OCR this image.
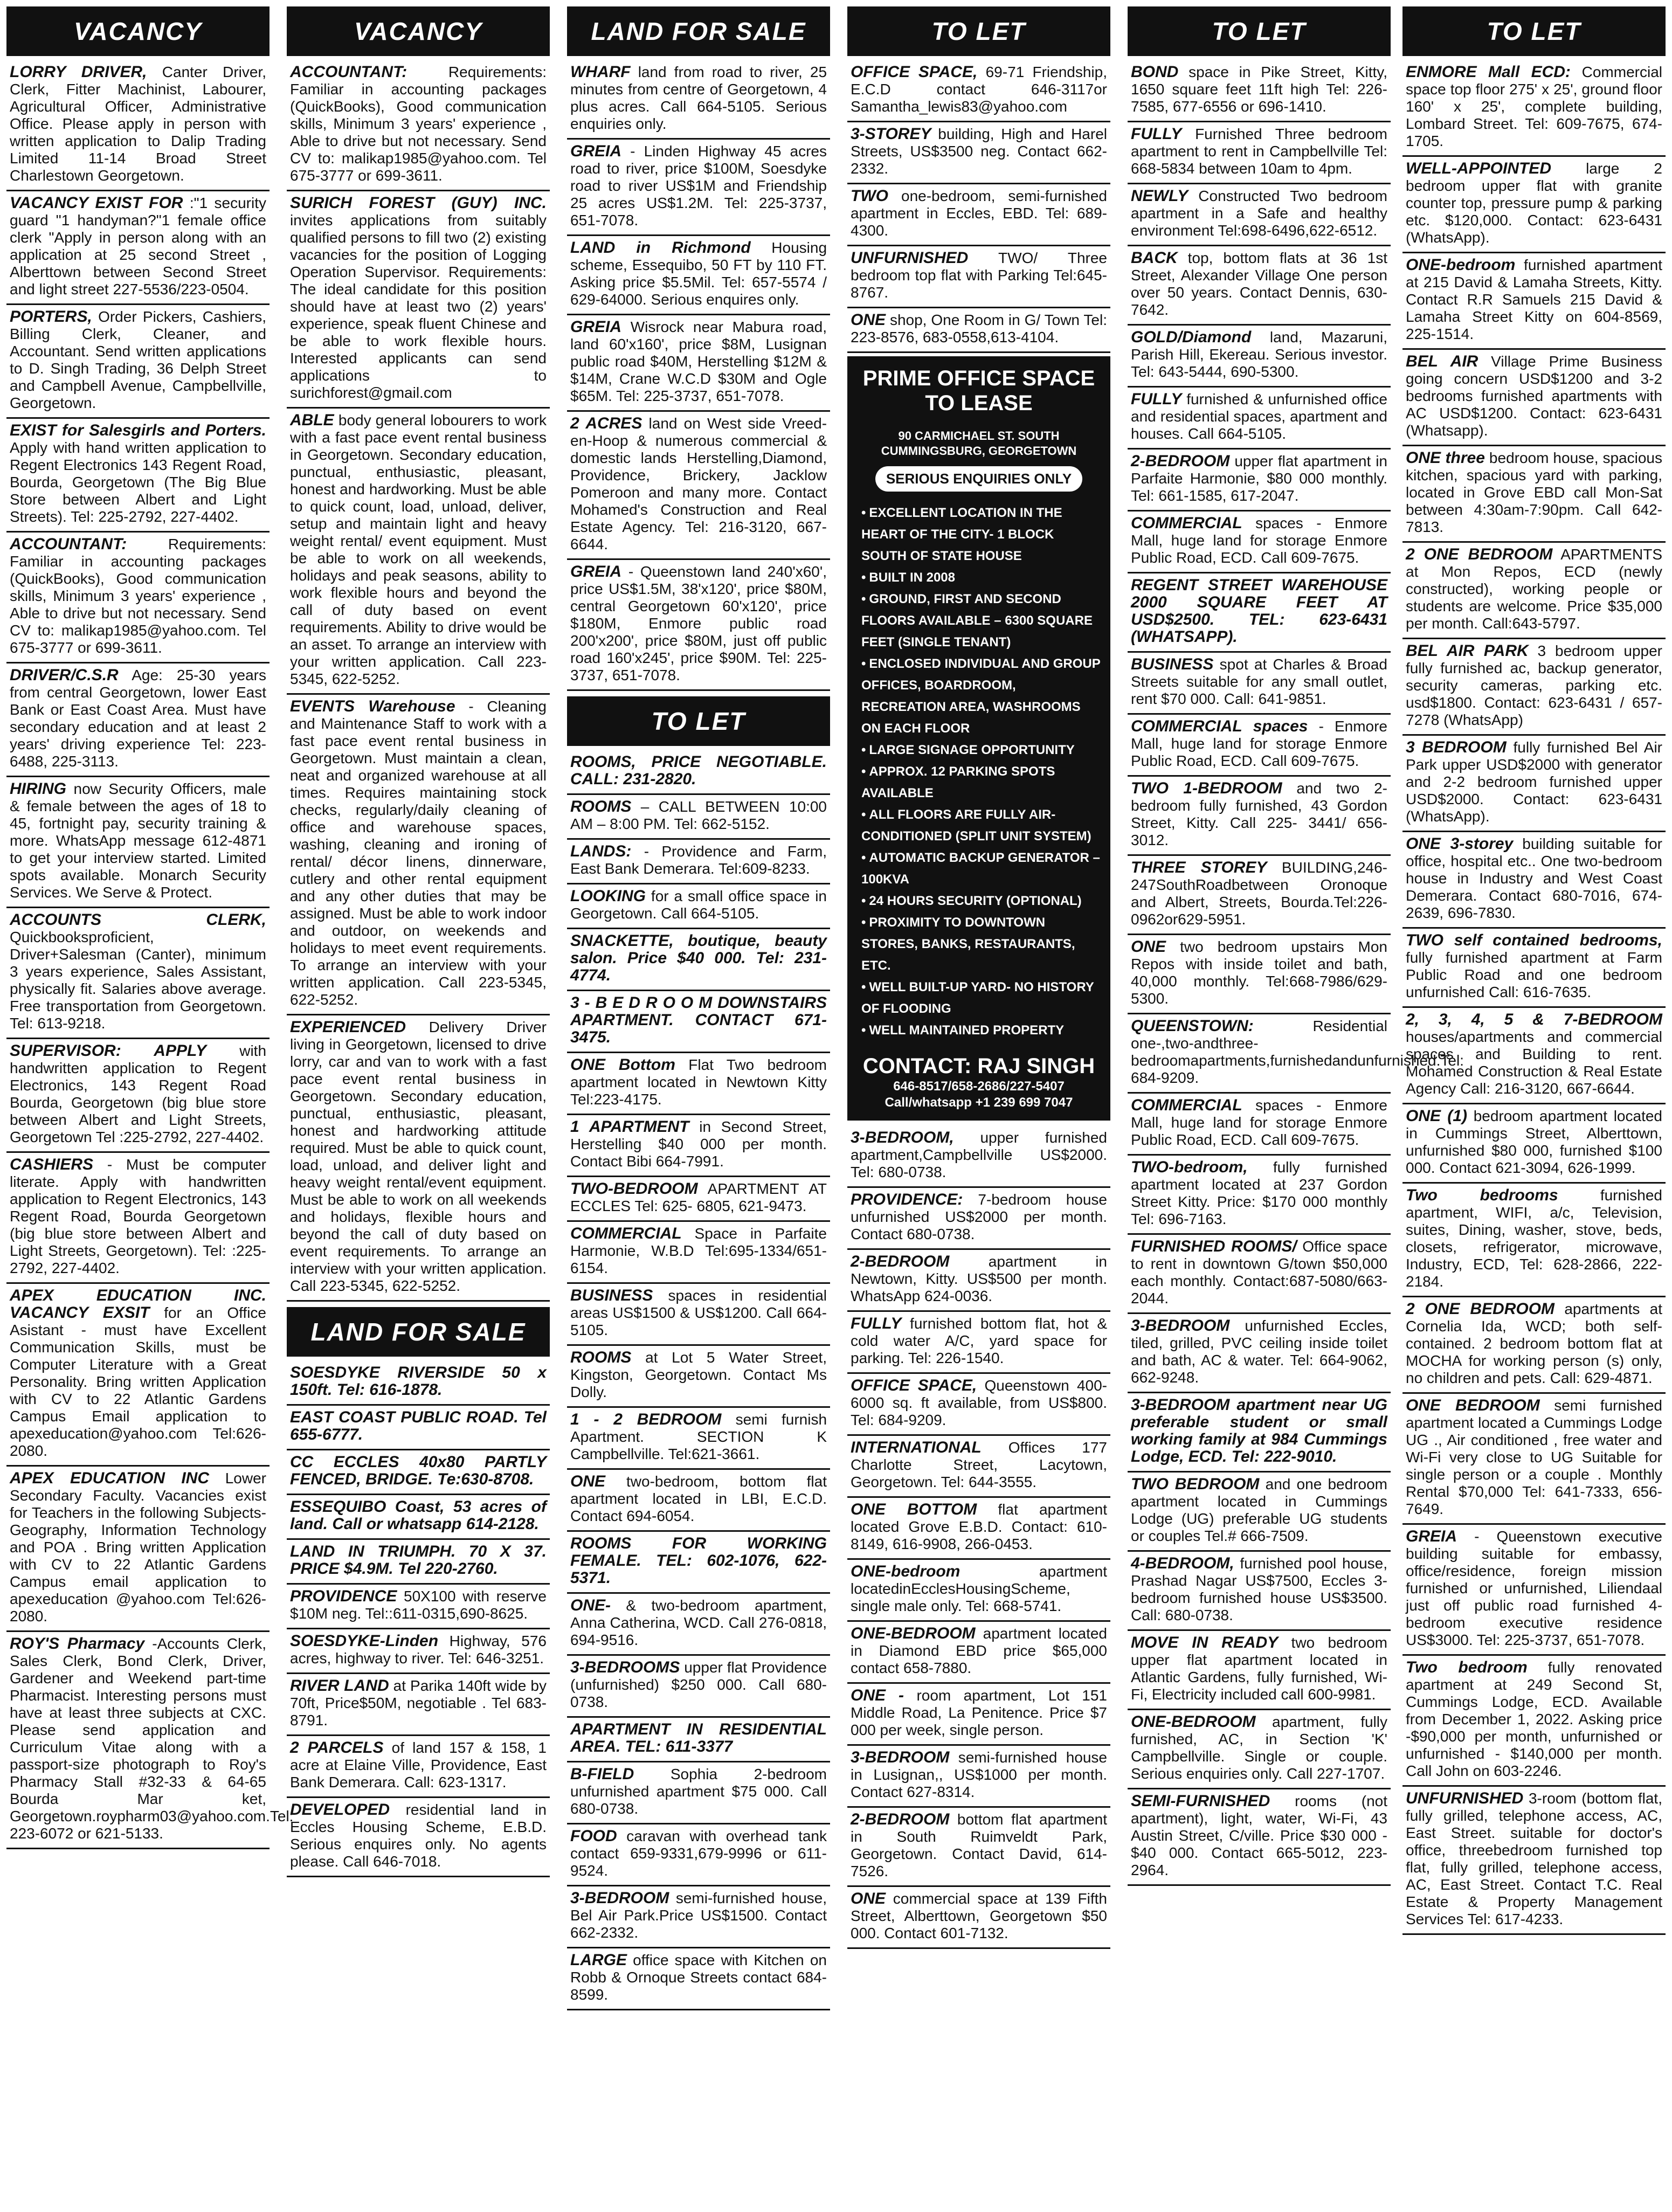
VACANCY
LORRY DRIVER, Canter Driver, Clerk, Fitter Machinist, Labourer, Agricultural Officer, Administrative Office. Please apply in person with written application to Dalip Trading Limited 11-14 Broad Street Charlestown Georgetown.
VACANCY EXIST FOR :"1 security guard "1 handyman?"1 female office clerk "Apply in person along with an application at 25 second Street , Alberttown between Second Street and light street 227-5536/223-0504.
PORTERS, Order Pickers, Cashiers, Billing Clerk, Cleaner, and Accountant. Send written applications to D. Singh Trading, 36 Delph Street and Campbell Avenue, Campbellville, Georgetown.
EXIST for Salesgirls and Porters. Apply with hand written application to Regent Electronics 143 Regent Road, Bourda, Georgetown (The Big Blue Store between Albert and Light Streets). Tel: 225-2792, 227-4402.
ACCOUNTANT:	Requirements: Familiar in accounting packages (QuickBooks), Good communication skills, Minimum 3 years' experience , Able to drive but not necessary. Send CV to: malikap1985@yahoo.com. Tel 675-3777 or 699-3611.
DRIVER/C.S.R Age: 25-30 years from central Georgetown, lower East Bank or East Coast Area. Must have secondary education and at least 2 years' driving experience Tel: 223-6488, 225-3113.
HIRING now Security Officers, male & female between the ages of 18 to 45, fortnight pay, security training & more. WhatsApp message 612-4871 to get your interview started. Limited spots available. Monarch Security Services. We Serve & Protect.
ACCOUNTS CLERK, Quickbooksproficient, Driver+Salesman (Canter), minimum 3 years experience, Sales Assistant, physically fit. Salaries above average. Free transportation from Georgetown. Tel: 613-9218.
SUPERVISOR: APPLY with handwritten application to Regent Electronics, 143 Regent Road Bourda, Georgetown (big blue store between Albert and Light Streets, Georgetown Tel :225-2792, 227-4402.
CASHIERS - Must be computer literate. Apply with handwritten application to Regent Electronics, 143 Regent Road, Bourda Georgetown (big blue store between Albert and Light Streets, Georgetown). Tel: :225-2792, 227-4402.
APEX EDUCATION INC. VACANCY EXSIT for an Office Asistant - must have Excellent Communication Skills, must be Computer Literature with a Great Personality. Bring written Application with CV to 22 Atlantic Gardens Campus Email application to apexeducation@yahoo.com Tel:626-2080.
APEX EDUCATION INC Lower Secondary Faculty. Vacancies exist for Teachers in the following Subjects- Geography, Information Technology and POA . Bring written Application with CV to 22 Atlantic Gardens Campus email application to apexeducation @yahoo.com Tel:626-2080.
ROY'S Pharmacy -Accounts Clerk, Sales Clerk, Bond Clerk, Driver, Gardener and Weekend part-time Pharmacist. Interesting persons must have at least three subjects at CXC. Please send application and Curriculum Vitae along with a passport-size photograph to Roy's Pharmacy Stall #32-33 & 64-65 Bourda Mar ket, Georgetown.roypharm03@yahoo.com.Tel: 223-6072 or 621-5133.
VACANCY
ACCOUNTANT:	Requirements: Familiar in accounting packages (QuickBooks), Good communication skills, Minimum 3 years' experience , Able to drive but not necessary. Send CV to: malikap1985@yahoo.com. Tel 675-3777 or 699-3611.
SURICH FOREST (GUY) INC. invites applications from suitably qualified persons to fill two (2) existing vacancies for the position of Logging Operation Supervisor. Requirements: The ideal candidate for this position should have at least two (2) years' experience, speak fluent Chinese and be able to work flexible hours. Interested applicants can send applications to surichforest@gmail.com
ABLE body general lobourers to work with a fast pace event rental business in Georgetown. Secondary education, punctual, enthusiastic, pleasant, honest and hardworking. Must be able to quick count, load, unload, deliver, setup and maintain light and heavy weight rental/ event equipment. Must be able to work on all weekends, holidays and peak seasons, ability to work flexible hours and beyond the call of duty based on event requirements. Ability to drive would be an asset. To arrange an interview with your written application. Call 223-5345, 622-5252.
EVENTS Warehouse - Cleaning and Maintenance Staff to work with a fast pace event rental business in Georgetown. Must maintain a clean, neat and organized warehouse at all times. Requires maintaining stock checks, regularly/daily cleaning of office and warehouse spaces, washing, cleaning and ironing of rental/ décor linens, dinnerware, cutlery and other rental equipment and any other duties that may be assigned. Must be able to work indoor and outdoor, on weekends and holidays to meet event requirements. To arrange an interview with your written application. Call 223-5345, 622-5252.
EXPERIENCED Delivery Driver living in Georgetown, licensed to drive lorry, car and van to work with a fast pace event rental business in Georgetown. Secondary education, punctual, enthusiastic, pleasant, honest and hardworking attitude required. Must be able to quick count, load, unload, and deliver light and heavy weight rental/event equipment. Must be able to work on all weekends and holidays, flexible hours and beyond the call of duty based on event requirements. To arrange an interview with your written application. Call 223-5345, 622-5252.
LAND FOR SALE
SOESDYKE RIVERSIDE 50 x 150ft. Tel: 616-1878.
EAST COAST PUBLIC ROAD. Tel 655-6777.
CC ECCLES 40x80 PARTLY FENCED, BRIDGE. Te:630-8708.
ESSEQUIBO Coast, 53 acres of land. Call or whatsapp 614-2128.
LAND IN TRIUMPH. 70 X 37. PRICE $4.9M. Tel 220-2760.
PROVIDENCE 50X100 with reserve $10M neg. Tel::611-0315,690-8625.
SOESDYKE-Linden Highway, 576 acres, highway to river. Tel: 646-3251.
RIVER LAND at Parika 140ft wide by 70ft, Price$50M, negotiable . Tel 683-8791.
2 PARCELS of land 157 & 158, 1 acre at Elaine Ville, Providence, East Bank Demerara. Call: 623-1317.
DEVELOPED residential land in Eccles Housing Scheme, E.B.D. Serious enquires only. No agents please. Call 646-7018.
LAND FOR SALE
WHARF land from road to river, 25 minutes from centre of Georgetown, 4 plus acres. Call 664-5105. Serious enquiries only.
GREIA - Linden Highway 45 acres road to river, price $100M, Soesdyke road to river US$1M and Friendship 25 acres US$1.2M. Tel: 225-3737, 651-7078.
LAND in Richmond Housing scheme, Essequibo, 50 FT by 110 FT. Asking price $5.5Mil. Tel: 657-5574 / 629-64000. Serious enquires only.
GREIA Wisrock near Mabura road, land 60'x160', price $8M, Lusignan public road $40M, Herstelling $12M & $14M, Crane W.C.D $30M and Ogle $65M. Tel: 225-3737, 651-7078.
2 ACRES land on West side Vreed-en-Hoop & numerous commercial & domestic lands Herstelling,Diamond, Providence, Brickery, Jacklow Pomeroon and many more. Contact Mohamed's Construction and Real Estate Agency. Tel: 216-3120, 667-6644.
GREIA - Queenstown land 240'x60', price US$1.5M, 38'x120', price $80M, central Georgetown 60'x120', price $180M, Enmore public road 200'x200', price $80M, just off public road 160'x245', price $90M. Tel: 225-3737, 651-7078.
TO LET
ROOMS, PRICE NEGOTIABLE. CALL: 231-2820.
ROOMS – CALL BETWEEN 10:00 AM – 8:00 PM. Tel: 662-5152.
LANDS: - Providence and Farm, East Bank Demerara. Tel:609-8233.
LOOKING for a small office space in Georgetown. Call 664-5105.
SNACKETTE, boutique, beauty salon. Price $40 000. Tel: 231-4774.
3 - B E D R O O M DOWNSTAIRS APARTMENT. CONTACT 671-3475.
ONE Bottom Flat Two bedroom apartment located in Newtown Kitty Tel:223-4175.
1 APARTMENT in Second Street, Herstelling $40 000 per month. Contact Bibi 664-7991.
TWO-BEDROOM APARTMENT AT ECCLES Tel: 625- 6805, 621-9473.
COMMERCIAL Space in Parfaite Harmonie, W.B.D Tel:695-1334/651-6154.
BUSINESS spaces in residential areas US$1500 & US$1200. Call 664-5105.
ROOMS at Lot 5 Water Street, Kingston, Georgetown. Contact Ms Dolly.
1 - 2 BEDROOM semi furnish Apartment. SECTION K Campbellville. Tel:621-3661.
ONE two-bedroom, bottom flat apartment located in LBI, E.C.D. Contact 694-6054.
ROOMS FOR WORKING FEMALE. TEL: 602-1076, 622-5371.
ONE- & two-bedroom apartment, Anna Catherina, WCD. Call 276-0818, 694-9516.
3-BEDROOMS upper flat Providence (unfurnished) $250 000. Call 680-0738.
APARTMENT IN RESIDENTIAL AREA. TEL: 611-3377
B-FIELD Sophia 2-bedroom unfurnished apartment $75 000. Call 680-0738.
FOOD caravan with overhead tank contact 659-9331,679-9996 or 611-9524.
3-BEDROOM semi-furnished house, Bel Air Park.Price US$1500. Contact 662-2332.
LARGE office space with Kitchen on Robb & Ornoque Streets contact 684-8599.
TO LET
OFFICE SPACE, 69-71 Friendship, E.C.D contact 646-3117or Samantha_lewis83@yahoo.com
3-STOREY building, High and Harel Streets, US$3500 neg. Contact 662-2332.
TWO one-bedroom, semi-furnished apartment in Eccles, EBD. Tel: 689-4300.
UNFURNISHED TWO/ Three bedroom top flat with Parking Tel:645-8767.
ONE shop, One Room in G/ Town Tel: 223-8576, 683-0558,613-4104.
PRIME OFFICE SPACE TO LEASE
90 CARMICHAEL ST. SOUTH CUMMINGSBURG, GEORGETOWN
SERIOUS ENQUIRIES ONLY
• EXCELLENT LOCATION IN THE HEART OF THE CITY- 1 BLOCK SOUTH OF STATE HOUSE
• BUILT IN 2008
• GROUND, FIRST AND SECOND FLOORS AVAILABLE – 6300 SQUARE FEET (SINGLE TENANT)
• ENCLOSED INDIVIDUAL AND GROUP OFFICES, BOARDROOM, RECREATION AREA, WASHROOMS ON EACH FLOOR
• LARGE SIGNAGE OPPORTUNITY
• APPROX. 12 PARKING SPOTS AVAILABLE
• ALL FLOORS ARE FULLY AIR-CONDITIONED (SPLIT UNIT SYSTEM)
• AUTOMATIC BACKUP GENERATOR – 100KVA
• 24 HOURS SECURITY (OPTIONAL)
• PROXIMITY TO DOWNTOWN STORES, BANKS, RESTAURANTS, ETC.
• WELL BUILT-UP YARD- NO HISTORY OF FLOODING
• WELL MAINTAINED PROPERTY
CONTACT: RAJ SINGH
646-8517/658-2686/227-5407
Call/whatsapp +1 239 699 7047
3-BEDROOM, upper furnished apartment,Campbellville US$2000. Tel: 680-0738.
PROVIDENCE: 7-bedroom house unfurnished US$2000 per month. Contact 680-0738.
2-BEDROOM	apartment in Newtown, Kitty. US$500 per month. WhatsApp 624-0036.
FULLY furnished bottom flat, hot & cold water A/C, yard space for parking. Tel: 226-1540.
OFFICE SPACE, Queenstown 400-6000 sq. ft available, from US$800. Tel: 684-9209.
INTERNATIONAL Offices 177 Charlotte Street, Lacytown, Georgetown. Tel: 644-3555.
ONE BOTTOM flat apartment located Grove E.B.D. Contact: 610-8149, 616-9908, 266-0453.
ONE-bedroom	apartment locatedinEcclesHousingScheme, single male only. Tel: 668-5741.
ONE-BEDROOM apartment located in Diamond EBD price $65,000 contact 658-7880.
ONE - room apartment, Lot 151 Middle Road, La Penitence. Price $7 000 per week, single person.
3-BEDROOM semi-furnished house in Lusignan,, US$1000 per month. Contact 627-8314.
2-BEDROOM bottom flat apartment in South Ruimveldt Park, Georgetown. Contact David, 614-7526.
ONE commercial space at 139 Fifth Street, Alberttown, Georgetown $50 000. Contact 601-7132.
TO LET
BOND space in Pike Street, Kitty, 1650 square feet 11ft high Tel: 226-7585, 677-6556 or 696-1410.
FULLY Furnished Three bedroom apartment to rent in Campbellville Tel: 668-5834 between 10am to 4pm.
NEWLY Constructed Two bedroom apartment in a Safe and healthy environment Tel:698-6496,622-6512.
BACK top, bottom flats at 36 1st Street, Alexander Village One person over 50 years. Contact Dennis, 630-7642.
GOLD/Diamond land, Mazaruni, Parish Hill, Ekereau. Serious investor. Tel: 643-5444, 690-5300.
FULLY furnished & unfurnished office and residential spaces, apartment and houses. Call 664-5105.
2-BEDROOM upper flat apartment in Parfaite Harmonie, $80 000 monthly. Tel: 661-1585, 617-2047.
COMMERCIAL spaces - Enmore Mall, huge land for storage Enmore Public Road, ECD. Call 609-7675.
REGENT STREET WAREHOUSE 2000 SQUARE FEET AT USD$2500. TEL: 623-6431 (WHATSAPP).
BUSINESS spot at Charles & Broad Streets suitable for any small outlet, rent $70 000. Call: 641-9851.
COMMERCIAL spaces - Enmore Mall, huge land for storage Enmore Public Road, ECD. Call 609-7675.
TWO 1-BEDROOM and two 2-bedroom fully furnished, 43 Gordon Street, Kitty. Call 225- 3441/ 656-3012.
THREE STOREY BUILDING,246-247SouthRoadbetween Oronoque and Albert, Streets, Bourda.Tel:226-0962or629-5951.
ONE two bedroom upstairs Mon Repos with inside toilet and bath, 40,000 monthly. Tel:668-7986/629-5300.
QUEENSTOWN:	Residential one-,two-andthree-bedroomapartments,furnishedandunfurnished.Tel: 684-9209.
COMMERCIAL spaces - Enmore Mall, huge land for storage Enmore Public Road, ECD. Call 609-7675.
TWO-bedroom, fully furnished apartment located at 237 Gordon Street Kitty. Price: $170 000 monthly Tel: 696-7163.
FURNISHED ROOMS/ Office space to rent in downtown G/town $50,000 each monthly. Contact:687-5080/663-2044.
3-BEDROOM unfurnished Eccles, tiled, grilled, PVC ceiling inside toilet and bath, AC & water. Tel: 664-9062, 662-9248.
3-BEDROOM apartment near UG preferable student or small working family at 984 Cummings Lodge, ECD. Tel: 222-9010.
TWO BEDROOM and one bedroom apartment located in Cummings Lodge (UG) preferable UG students or couples Tel.# 666-7509.
4-BEDROOM, furnished pool house, Prashad Nagar US$7500, Eccles 3-bedroom furnished house US$3500. Call: 680-0738.
MOVE IN READY two bedroom upper flat apartment located in Atlantic Gardens, fully furnished, Wi-Fi, Electricity included call 600-9981.
ONE-BEDROOM apartment, fully furnished, AC, in Section 'K' Campbellville. Single or couple. Serious enquiries only. Call 227-1707.
SEMI-FURNISHED rooms (not apartment), light, water, Wi-Fi, 43 Austin Street, C/ville. Price $30 000 - $40 000. Contact 665-5012, 223-2964.
TO LET
ENMORE Mall ECD: Commercial space top floor 275' x 25', ground floor 160' x 25', complete building, Lombard Street. Tel: 609-7675, 674-1705.
WELL-APPOINTED large 2 bedroom upper flat with granite counter top, pressure pump & parking etc. $120,000. Contact: 623-6431 (WhatsApp).
ONE-bedroom furnished apartment at 215 David & Lamaha Streets, Kitty. Contact R.R Samuels 215 David & Lamaha Street Kitty on 604-8569, 225-1514.
BEL AIR Village Prime Business going concern USD$1200 and 3-2 bedrooms furnished apartments with AC USD$1200. Contact: 623-6431 (Whatsapp).
ONE three bedroom house, spacious kitchen, spacious yard with parking, located in Grove EBD call Mon-Sat between 4:30am-7:90pm. Call 642-7813.
2 ONE BEDROOM APARTMENTS at Mon Repos, ECD (newly constructed), working people or students are welcome. Price $35,000 per month. Call:643-5797.
BEL AIR PARK 3 bedroom upper fully furnished ac, backup generator, security cameras, parking etc. usd$1800. Contact: 623-6431 / 657-7278 (WhatsApp)
3 BEDROOM fully furnished Bel Air Park upper USD$2000 with generator and 2-2 bedroom furnished upper USD$2000. Contact: 623-6431 (WhatsApp).
ONE 3-storey building suitable for office, hospital etc.. One two-bedroom house in Industry and West Coast Demerara. Contact 680-7016, 674-2639, 696-7830.
TWO self contained bedrooms, fully furnished apartment at Farm Public Road and one bedroom unfurnished Call: 616-7635.
2, 3, 4, 5 & 7-BEDROOM houses/apartments and commercial spaces and Building to rent. Mohamed Construction & Real Estate Agency Call: 216-3120, 667-6644.
ONE (1) bedroom apartment located in Cummings Street, Alberttown, unfurnished $80 000, furnished $100 000. Contact 621-3094, 626-1999.
Two bedrooms	furnished apartment, WIFI, a/c, Television, suites, Dining, washer, stove, beds, closets, refrigerator, microwave, Industry, ECD, Tel: 628-2866, 222-2184.
2 ONE BEDROOM apartments at Cornelia Ida, WCD; both self-contained. 2 bedroom bottom flat at MOCHA for working person (s) only, no children and pets. Call: 629-4871.
ONE BEDROOM semi furnished apartment located a Cummings Lodge UG ., Air conditioned , free water and Wi-Fi very close to UG Suitable for single person or a couple . Monthly Rental $70,000 Tel: 641-7333, 656-7649.
GREIA - Queenstown executive building suitable for embassy, office/residence, foreign mission furnished or unfurnished, Liliendaal just off public road furnished 4-bedroom executive residence US$3000. Tel: 225-3737, 651-7078.
Two bedroom fully renovated apartment at 249 Second St, Cummings Lodge, ECD. Available from December 1, 2022. Asking price -$90,000 per month, unfurnished or unfurnished - $140,000 per month. Call John on 603-2246.
UNFURNISHED 3-room (bottom flat, fully grilled, telephone access, AC, East Street. suitable for doctor's office, threebedroom furnished top flat, fully grilled, telephone access, AC, East Street. Contact T.C. Real Estate & Property Management Services Tel: 617-4233.
